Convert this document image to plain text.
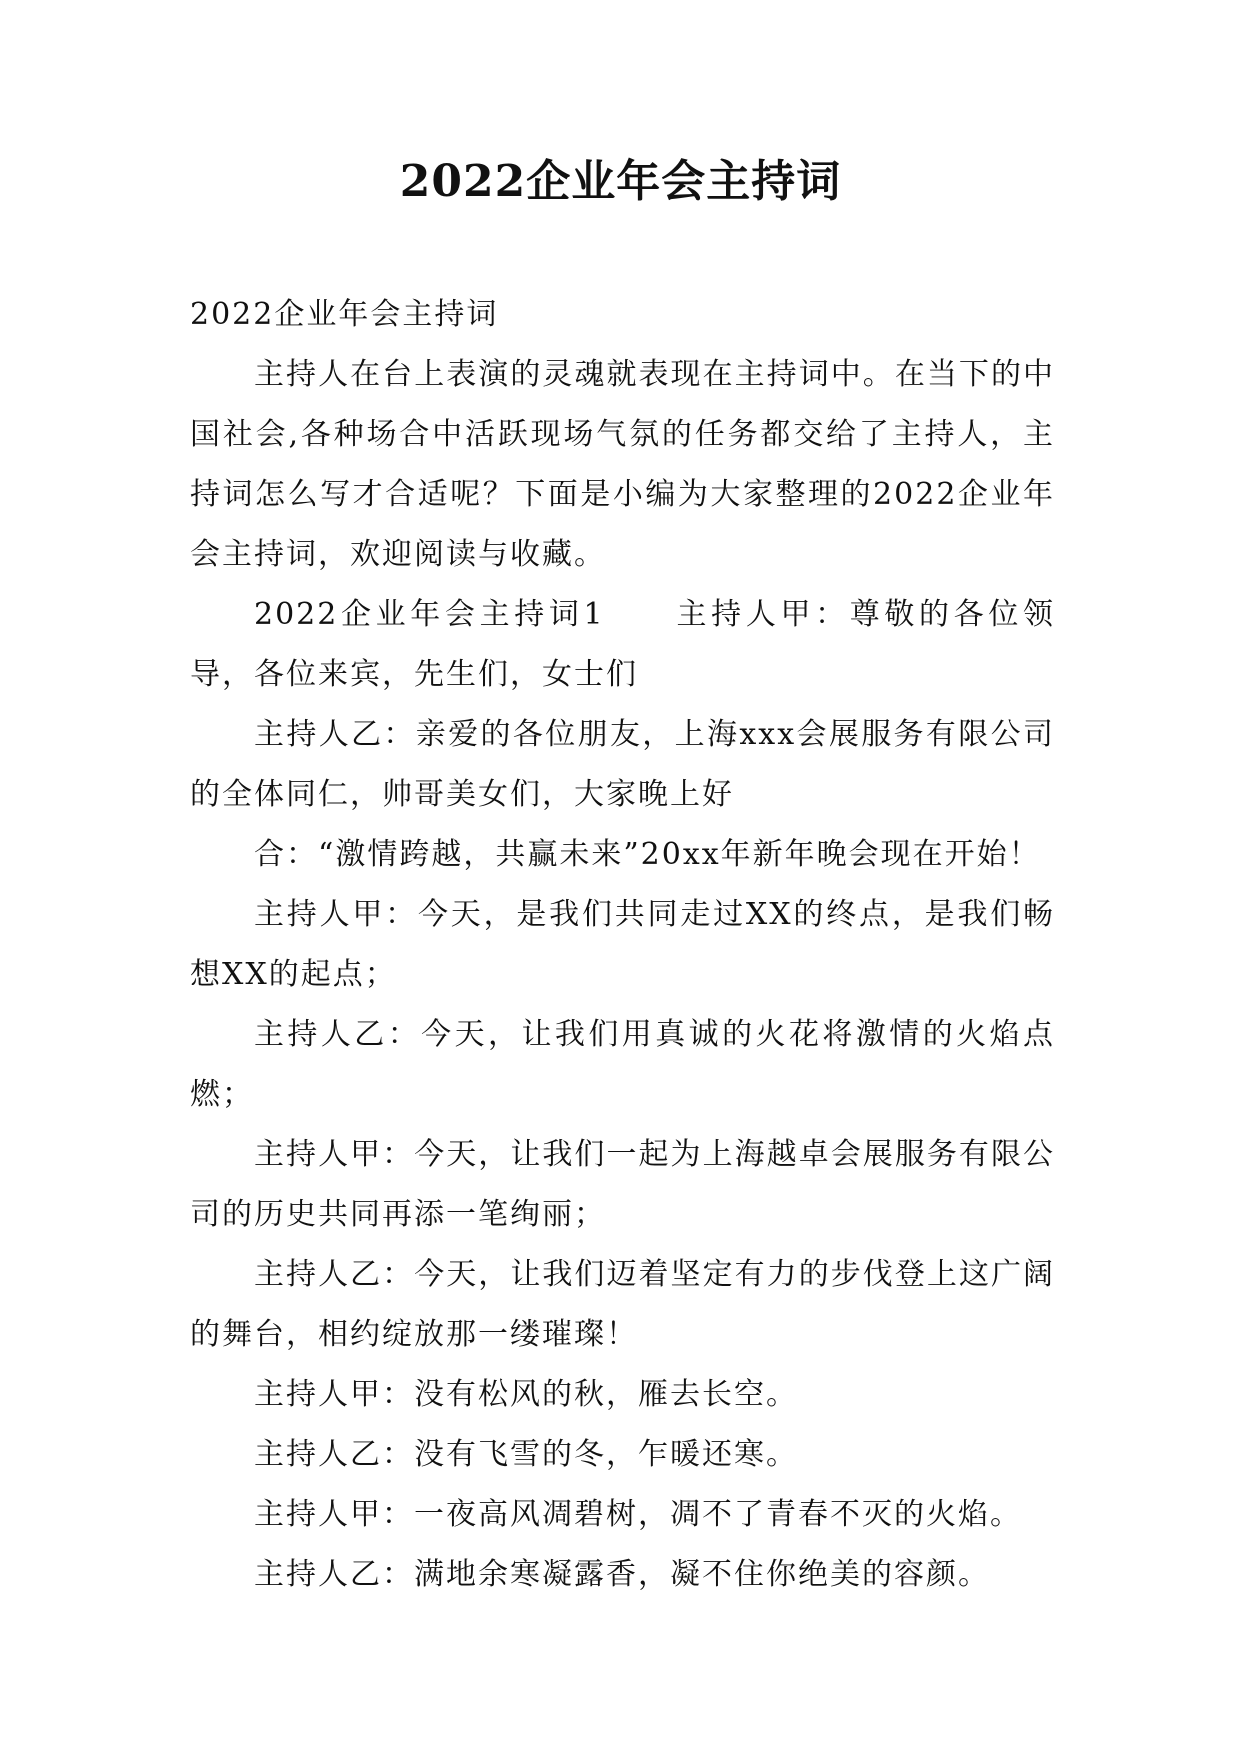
2022企业年会主持词

2022企业年会主持词

主持人在台上表演的灵魂就表现在主持词中。在当下的中国社会,各种场合中活跃现场气氛的任务都交给了主持人，主持词怎么写才合适呢？下面是小编为大家整理的2022企业年会主持词，欢迎阅读与收藏。

2022企业年会主持词1　　主持人甲：尊敬的各位领导，各位来宾，先生们，女士们

主持人乙：亲爱的各位朋友，上海xxx会展服务有限公司的全体同仁，帅哥美女们，大家晚上好

合：“激情跨越，共赢未来”20xx年新年晚会现在开始！

主持人甲：今天，是我们共同走过XX的终点，是我们畅想XX的起点；

主持人乙：今天，让我们用真诚的火花将激情的火焰点燃；

主持人甲：今天，让我们一起为上海越卓会展服务有限公司的历史共同再添一笔绚丽；

主持人乙：今天，让我们迈着坚定有力的步伐登上这广阔的舞台，相约绽放那一缕璀璨！

主持人甲：没有松风的秋，雁去长空。

主持人乙：没有飞雪的冬，乍暖还寒。

主持人甲：一夜高风凋碧树，凋不了青春不灭的火焰。

主持人乙：满地余寒凝露香，凝不住你绝美的容颜。
